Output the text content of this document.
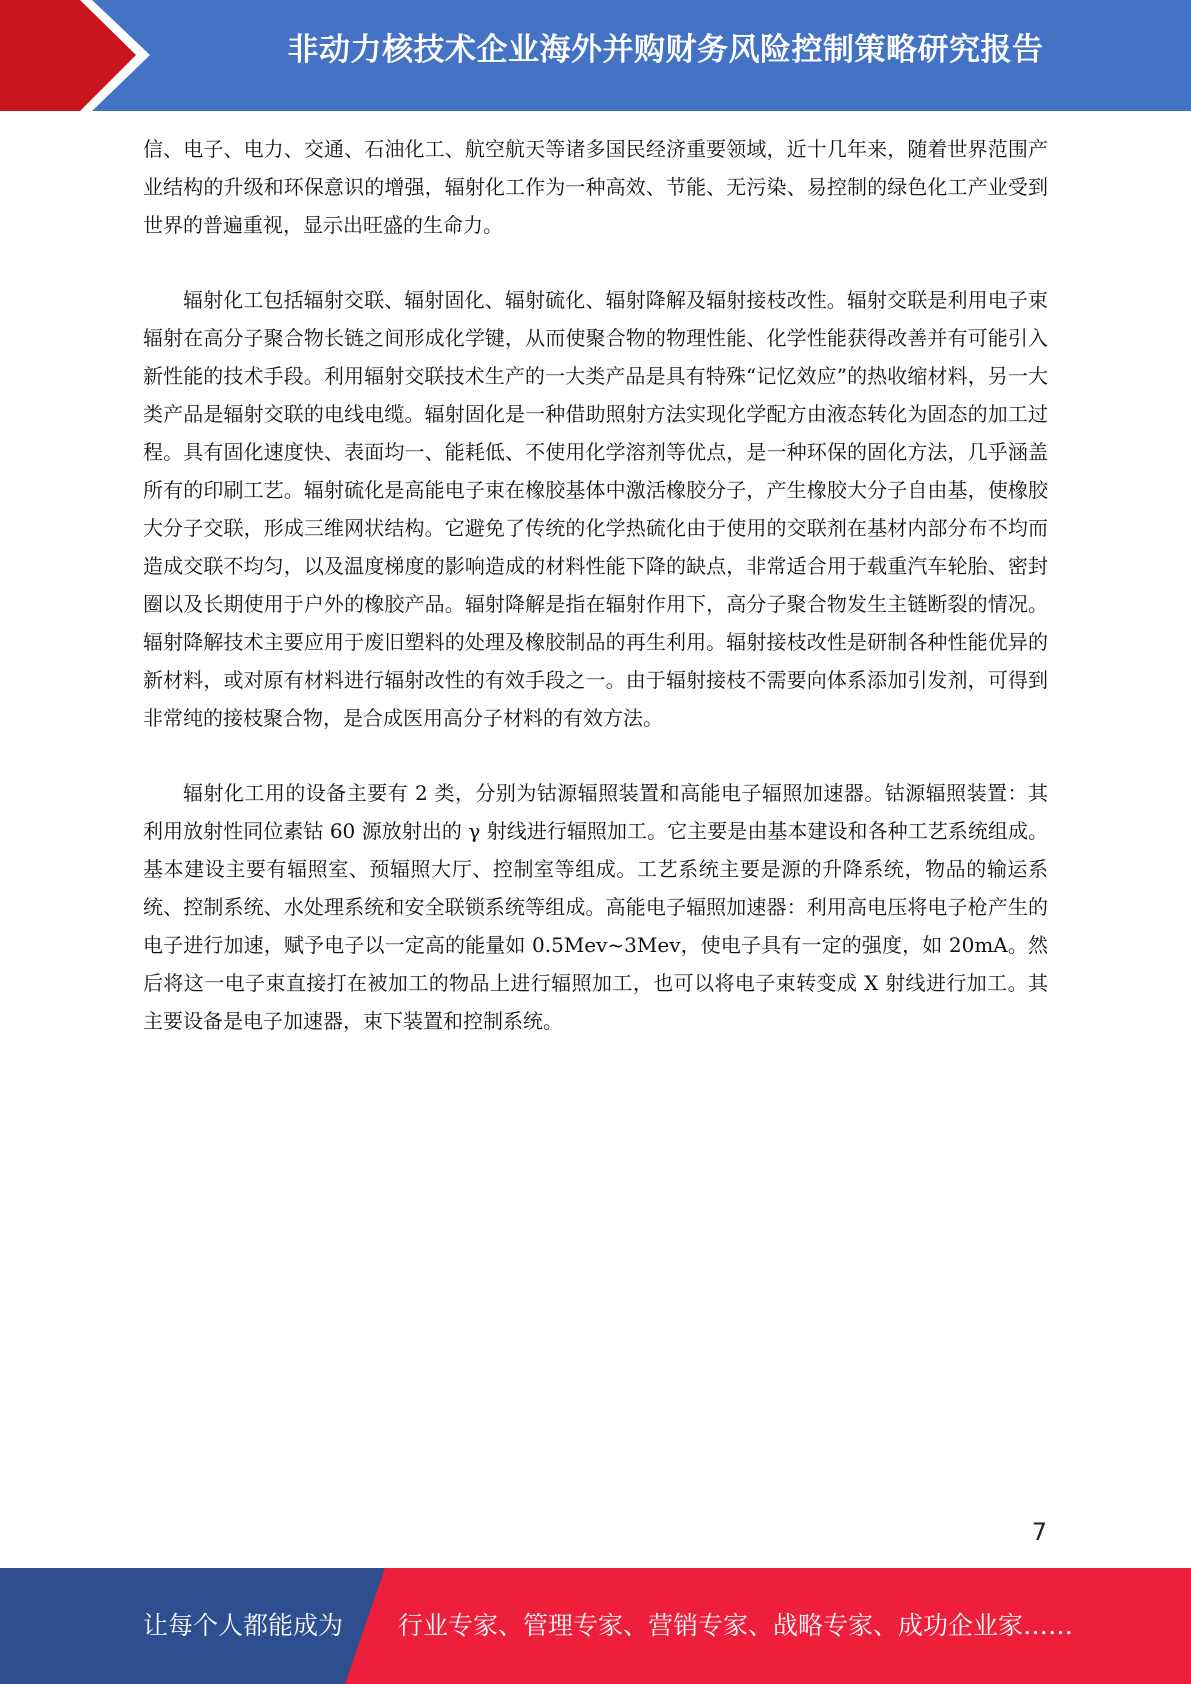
非动力核技术企业海外并购财务风险控制策略研究报告

信、电子、电力、交通、石油化工、航空航天等诸多国民经济重要领域，近十几年来，随着世界范围产业结构的升级和环保意识的增强，辐射化工作为一种高效、节能、无污染、易控制的绿色化工产业受到世界的普遍重视，显示出旺盛的生命力。

辐射化工包括辐射交联、辐射固化、辐射硫化、辐射降解及辐射接枝改性。辐射交联是利用电子束辐射在高分子聚合物长链之间形成化学键，从而使聚合物的物理性能、化学性能获得改善并有可能引入新性能的技术手段。利用辐射交联技术生产的一大类产品是具有特殊“记忆效应”的热收缩材料，另一大类产品是辐射交联的电线电缆。辐射固化是一种借助照射方法实现化学配方由液态转化为固态的加工过程。具有固化速度快、表面均一、能耗低、不使用化学溶剂等优点，是一种环保的固化方法，几乎涵盖所有的印刷工艺。辐射硫化是高能电子束在橡胶基体中激活橡胶分子，产生橡胶大分子自由基，使橡胶大分子交联，形成三维网状结构。它避免了传统的化学热硫化由于使用的交联剂在基材内部分布不均而造成交联不均匀，以及温度梯度的影响造成的材料性能下降的缺点，非常适合用于载重汽车轮胎、密封圈以及长期使用于户外的橡胶产品。辐射降解是指在辐射作用下，高分子聚合物发生主链断裂的情况。辐射降解技术主要应用于废旧塑料的处理及橡胶制品的再生利用。辐射接枝改性是研制各种性能优异的新材料，或对原有材料进行辐射改性的有效手段之一。由于辐射接枝不需要向体系添加引发剂，可得到非常纯的接枝聚合物，是合成医用高分子材料的有效方法。

辐射化工用的设备主要有 2 类，分别为钴源辐照装置和高能电子辐照加速器。钴源辐照装置：其利用放射性同位素钴 60 源放射出的 γ 射线进行辐照加工。它主要是由基本建设和各种工艺系统组成。基本建设主要有辐照室、预辐照大厅、控制室等组成。工艺系统主要是源的升降系统，物品的输运系统、控制系统、水处理系统和安全联锁系统等组成。高能电子辐照加速器：利用高电压将电子枪产生的电子进行加速，赋予电子以一定高的能量如 0.5Mev~3Mev，使电子具有一定的强度，如 20mA。然后将这一电子束直接打在被加工的物品上进行辐照加工，也可以将电子束转变成 X 射线进行加工。其主要设备是电子加速器，束下装置和控制系统。

7
让每个人都能成为 行业专家、管理专家、营销专家、战略专家、成功企业家……
